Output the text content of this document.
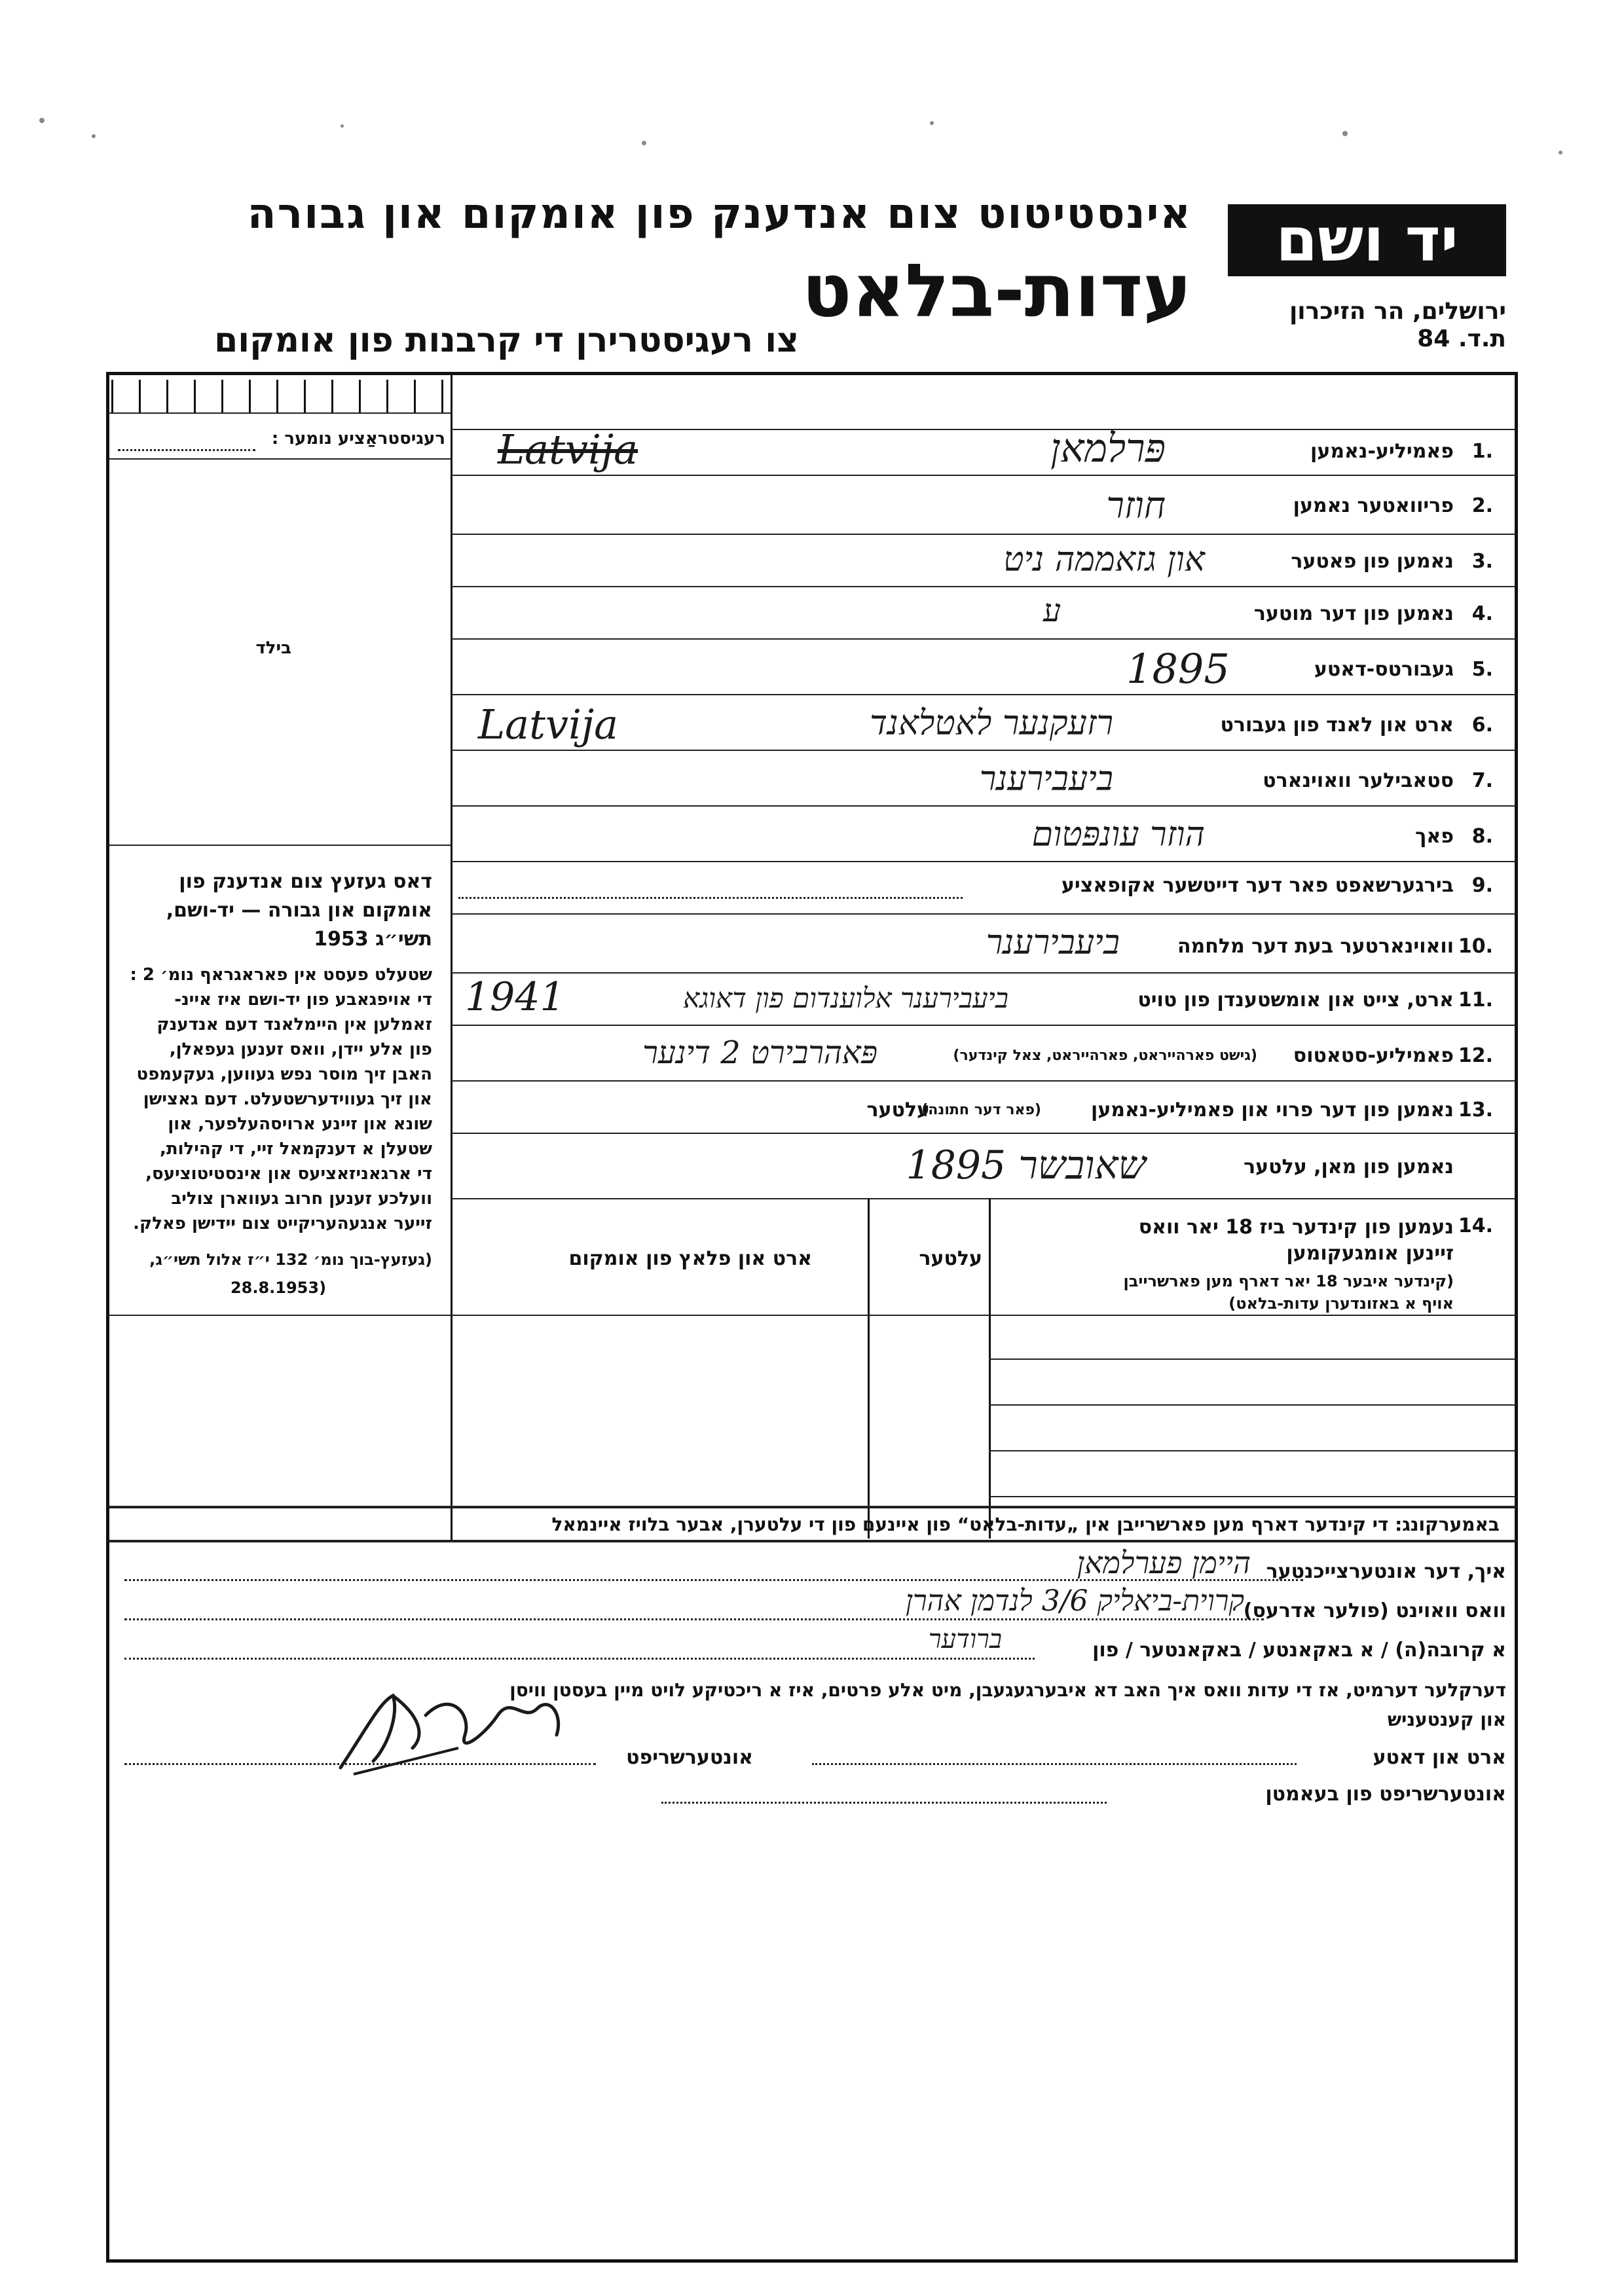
אינסטיטוט צום אנדענק פון אומקום און גבורה
עדות-בלאט
צו רעגיסטרירן די קרבנות פון אומקום
יד ושם
ירושלים, הר הזיכרון
ת.ד. 84
רעגיסטראַציע נומער :
בילד
דאס געזעץ צום אנדענק פון
אומקום און גבורה — יד-ושם,
תשי״ג 1953
שטעלט פעסט אין פאראגראף נומ׳ 2 :
די אויפגאבע פון יד-ושם איז איינ-
זאמלען אין היימלאנד דעם אנדענק
פון אלע יידן, וואס זענען געפאלן,
האבן זיך מוסר נפש געווען, געקעמפט
און זיך געווידערשטעלט. דעם גאצישן
שונא און זיינע ארויסהעלפער, און
שטעלן א דענקמאל זיי, די קהילות,
די ארגאניזאציעס און אינסטיטוציעס,
וועלכע זענען חרוב געווארן צוליב
זייער אנגעהעריקייט צום יידישן פאלק.
(געזעץ-בוך נומ׳ 132 י״ז אלול תשי״ג,
(28.8.1953
1.
פאמיליע-נאמען
פּרלמאן
Latvija
2.
פריוואטער נאמען
חוזר
3.
נאמען פון פאטער
און גזאממה ניט
4.
נאמען פון דער מוטער
ע
5.
געבורטס-דאטע
1895
6.
ארט און לאנד פון געבורט
רזעקנער לאטלאנד
Latvija
7.
סטאבילער וואוינארט
ביעבירענר
8.
פאך
הוזר עונפּטום
9.
בירגערשאפט פאר דער דייטשער אקופאציע
10.
וואוינארטער בעת דער מלחמה
ביעבירענר
11.
ארט, צייט און אומשטענדן פון טויט
ביעבירענר אלוענדום פון דאוגא
1941
12.
פאמיליע-סטאטוס
(גישט פארהייראט, פארהייראט, צאל קינדער)
פּאהרבירט 2 דינער
13.
נאמען פון דער פרוי און פאמיליע-נאמען
(פאר דער חתונה)
עלטער
נאמען פון מאן, עלטער
שאובשר 1895
14.
נעמען פון קינדער ביז 18 יאר וואס
זיינען אומגעקומען
(קינדער איבער 18 יאר דארף מען פארשרייבן
אויף א באזונדערן עדות-בלאט)
עלטער
ארט און פלאץ פון אומקום
באמערקונג: די קינדער דארף מען פארשרייבן אין „עדות-בלאט“ פון איינעם פון די עלטערן, אבער בלויז איינמאל
איך, דער אונטערצייכנטער
היימן פערלמאן
וואס וואוינט (פולער אדרעס)
קרוית-ביאליק 3/6 לנדמן אהרן
א קרובה(ה) / א באקאנטע / באקאנטער / פון
ברודער
דערקלער דערמיט, אז די עדות וואס איך האב דא איבערגעגעבן, מיט אלע פרטים, איז א ריכטיקע לויט מיין בעסטן וויסן
און קענטעניש
ארט און דאטע
אונטערשריפט
אונטערשריפט פון בעאמטן
